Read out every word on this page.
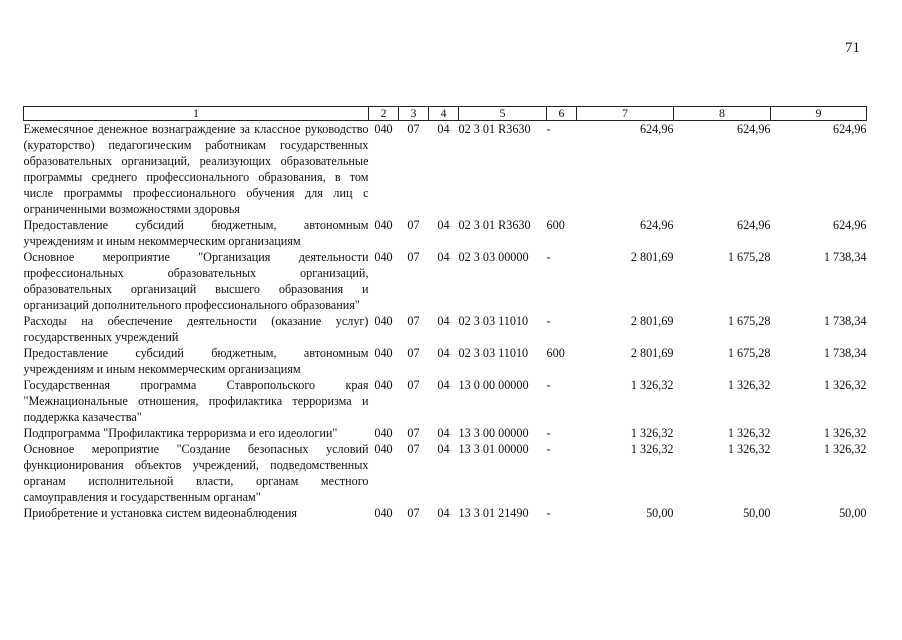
71
1	2	3	4	5	6	7	8	9
Ежемесячное денежное вознаграждение за классное руководство (кураторство) педагогическим работникам государственных образовательных организаций, реализующих образовательные программы среднего профессионального образования, в том числе программы профессионального обучения для лиц с ограниченными возможностями здоровья	040	07	04	02 3 01 R3630	-	624,96	624,96	624,96
Предоставление субсидий бюджетным, автономным учреждениям и иным некоммерческим организациям	040	07	04	02 3 01 R3630	600	624,96	624,96	624,96
Основное мероприятие "Организация деятельности профессиональных образовательных организаций, образовательных организаций высшего образования и организаций дополнительного профессионального образования"	040	07	04	02 3 03 00000	-	2 801,69	1 675,28	1 738,34
Расходы на обеспечение деятельности (оказание услуг) государственных учреждений	040	07	04	02 3 03 11010	-	2 801,69	1 675,28	1 738,34
Предоставление субсидий бюджетным, автономным учреждениям и иным некоммерческим организациям	040	07	04	02 3 03 11010	600	2 801,69	1 675,28	1 738,34
Государственная программа Ставропольского края "Межнациональные отношения, профилактика терроризма и поддержка казачества"	040	07	04	13 0 00 00000	-	1 326,32	1 326,32	1 326,32
Подпрограмма "Профилактика терроризма и его идеологии"	040	07	04	13 3 00 00000	-	1 326,32	1 326,32	1 326,32
Основное мероприятие "Создание безопасных условий функционирования объектов учреждений, подведомственных органам исполнительной власти, органам местного самоуправления и государственным органам"	040	07	04	13 3 01 00000	-	1 326,32	1 326,32	1 326,32
Приобретение и установка систем видеонаблюдения	040	07	04	13 3 01 21490	-	50,00	50,00	50,00
